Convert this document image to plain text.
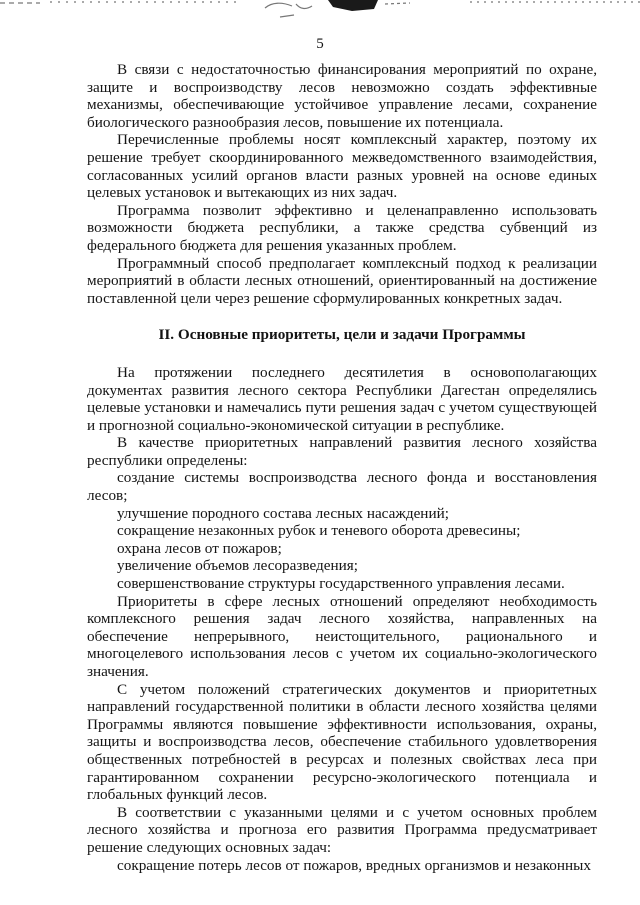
5

В связи с недостаточностью финансирования мероприятий по охране, защите и воспроизводству лесов невозможно создать эффективные механизмы, обеспечивающие устойчивое управление лесами, сохранение биологического разнообразия лесов, повышение их потенциала.

Перечисленные проблемы носят комплексный характер, поэтому их решение требует скоординированного межведомственного взаимодействия, согласованных усилий органов власти разных уровней на основе единых целевых установок и вытекающих из них задач.

Программа позволит эффективно и целенаправленно использовать возможности бюджета республики, а также средства субвенций из федерального бюджета для решения указанных проблем.

Программный способ предполагает комплексный подход к реализации мероприятий в области лесных отношений, ориентированный на достижение поставленной цели через решение сформулированных конкретных задач.

II. Основные приоритеты, цели и задачи Программы

На протяжении последнего десятилетия в основополагающих документах развития лесного сектора Республики Дагестан определялись целевые установки и намечались пути решения задач с учетом существующей и прогнозной социально-экономической ситуации в республике.

В качестве приоритетных направлений развития лесного хозяйства республики определены:

создание системы воспроизводства лесного фонда и восстановления лесов;

улучшение породного состава лесных насаждений;

сокращение незаконных рубок и теневого оборота древесины;

охрана лесов от пожаров;

увеличение объемов лесоразведения;

совершенствование структуры государственного управления лесами.

Приоритеты в сфере лесных отношений определяют необходимость комплексного решения задач лесного хозяйства, направленных на обеспечение непрерывного, неистощительного, рационального и многоцелевого использования лесов с учетом их социально-экологического значения.

С учетом положений стратегических документов и приоритетных направлений государственной политики в области лесного хозяйства целями Программы являются повышение эффективности использования, охраны, защиты и воспроизводства лесов, обеспечение стабильного удовлетворения общественных потребностей в ресурсах и полезных свойствах леса при гарантированном сохранении ресурсно-экологического потенциала и глобальных функций лесов.

В соответствии с указанными целями и с учетом основных проблем лесного хозяйства и прогноза его развития Программа предусматривает решение следующих основных задач:

сокращение потерь лесов от пожаров, вредных организмов и незаконных
